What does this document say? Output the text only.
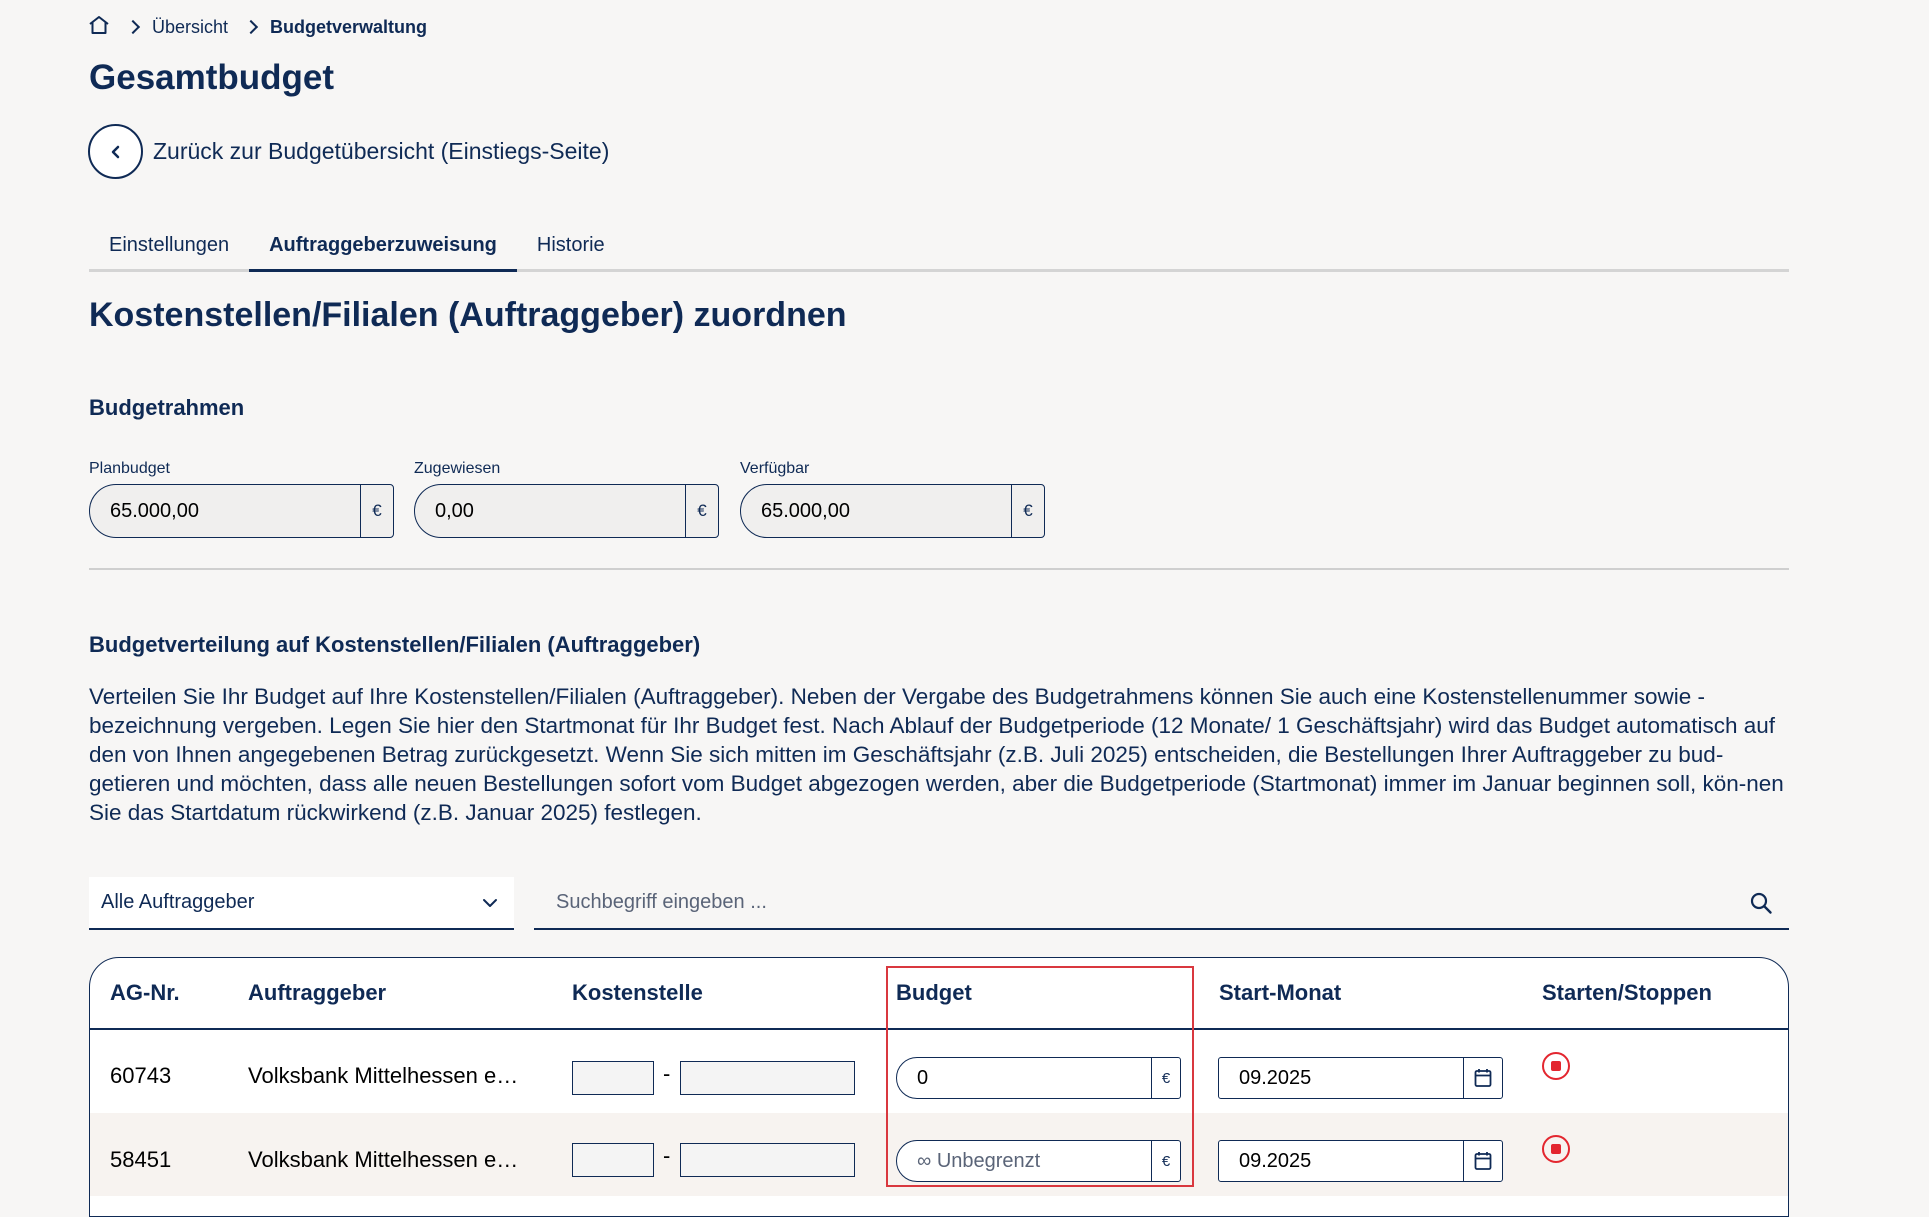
Übersicht Budgetverwaltung
Gesamtbudget
Zurück zur Budgetübersicht (Einstiegs-Seite)
Einstellungen	Auftraggeberzuweisung	Historie
Kostenstellen/Filialen (Auftraggeber) zuordnen
Budgetrahmen
Planbudget
65.000,00	€
Zugewiesen
0,00	€
Verfügbar
65.000,00	€
Budgetverteilung auf Kostenstellen/Filialen (Auftraggeber)

Verteilen Sie Ihr Budget auf Ihre Kostenstellen/Filialen (Auftraggeber). Neben der Vergabe des Budgetrahmens können Sie auch eine Kostenstellenummer sowie -bezeichnung vergeben. Legen Sie hier den Startmonat für Ihr Budget fest. Nach Ablauf der Budgetperiode (12 Monate/ 1 Geschäftsjahr) wird das Budget automatisch auf den von Ihnen angegebenen Betrag zurückgesetzt. Wenn Sie sich mitten im Geschäftsjahr (z.B. Juli 2025) entscheiden, die Bestellungen Ihrer Auftraggeber zu bud-getieren und möchten, dass alle neuen Bestellungen sofort vom Budget abgezogen werden, aber die Budgetperiode (Startmonat) immer im Januar beginnen soll, kön-nen Sie das Startdatum rückwirkend (z.B. Januar 2025) festlegen.

Alle Auftraggeber
Suchbegriff eingeben ...
AG-Nr.	Auftraggeber	Kostenstelle	Budget	Start-Monat	Starten/Stoppen
60743	Volksbank Mittelhessen e…	-	0	€	09.2025
58451	Volksbank Mittelhessen e…	-	∞ Unbegrenzt	€	09.2025
